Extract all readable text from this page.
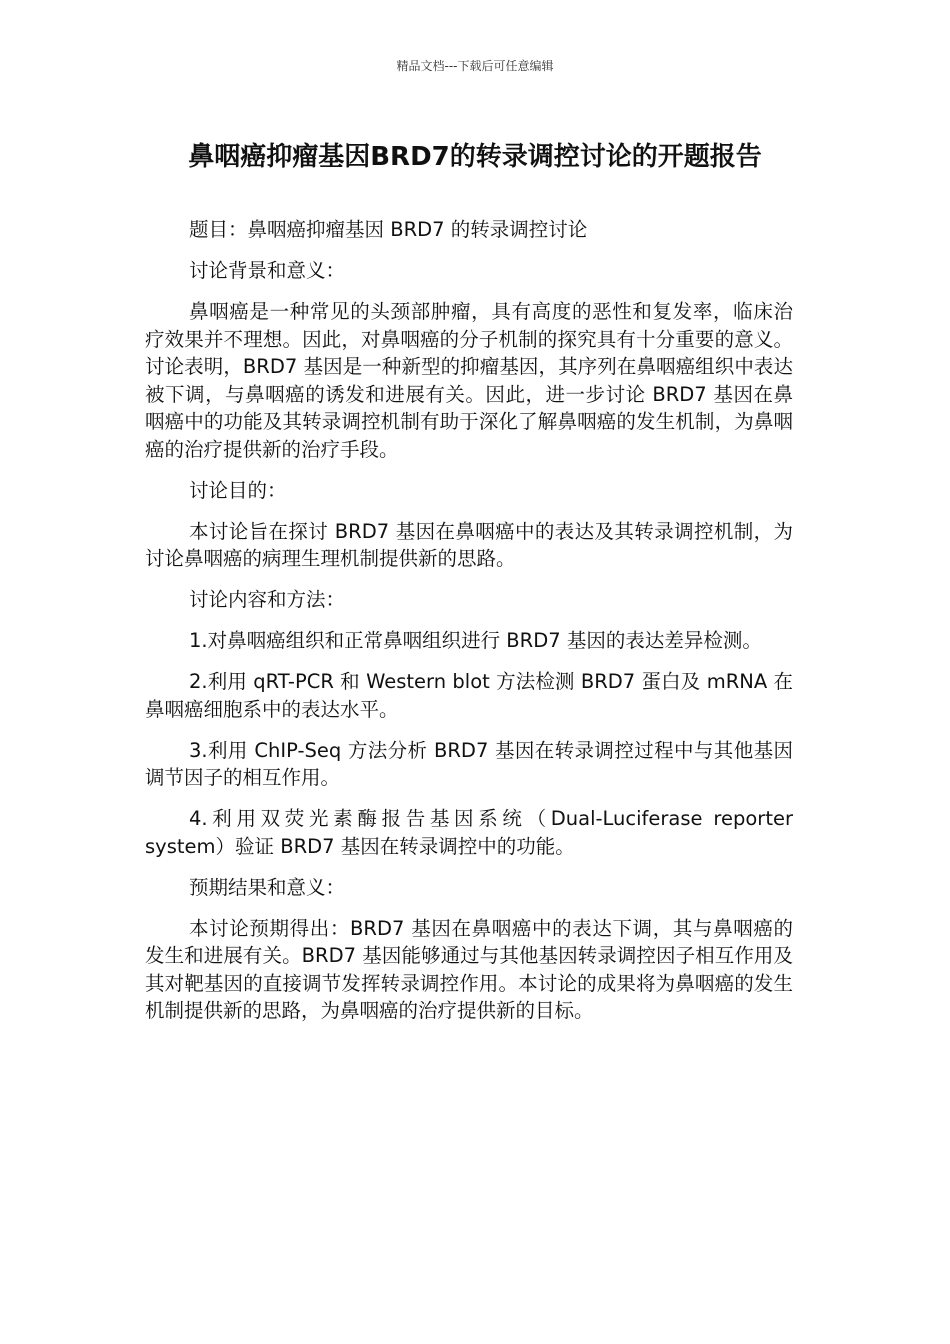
精品文档---下载后可任意编辑
鼻咽癌抑瘤基因BRD7的转录调控讨论的开题报告

题目：鼻咽癌抑瘤基因 BRD7 的转录调控讨论

讨论背景和意义：

鼻咽癌是一种常见的头颈部肿瘤，具有高度的恶性和复发率，临床治疗效果并不理想。因此，对鼻咽癌的分子机制的探究具有十分重要的意义。讨论表明，BRD7 基因是一种新型的抑瘤基因，其序列在鼻咽癌组织中表达被下调，与鼻咽癌的诱发和进展有关。因此，进一步讨论 BRD7 基因在鼻咽癌中的功能及其转录调控机制有助于深化了解鼻咽癌的发生机制，为鼻咽癌的治疗提供新的治疗手段。

讨论目的：

本讨论旨在探讨 BRD7 基因在鼻咽癌中的表达及其转录调控机制，为讨论鼻咽癌的病理生理机制提供新的思路。

讨论内容和方法：

1.对鼻咽癌组织和正常鼻咽组织进行 BRD7 基因的表达差异检测。

2.利用 qRT-PCR 和 Western blot 方法检测 BRD7 蛋白及 mRNA 在鼻咽癌细胞系中的表达水平。

3.利用 ChIP-Seq 方法分析 BRD7 基因在转录调控过程中与其他基因调节因子的相互作用。

4.利用双荧光素酶报告基因系统（Dual-Luciferase reporter system）验证 BRD7 基因在转录调控中的功能。

预期结果和意义：

本讨论预期得出：BRD7 基因在鼻咽癌中的表达下调，其与鼻咽癌的发生和进展有关。BRD7 基因能够通过与其他基因转录调控因子相互作用及其对靶基因的直接调节发挥转录调控作用。本讨论的成果将为鼻咽癌的发生机制提供新的思路，为鼻咽癌的治疗提供新的目标。
